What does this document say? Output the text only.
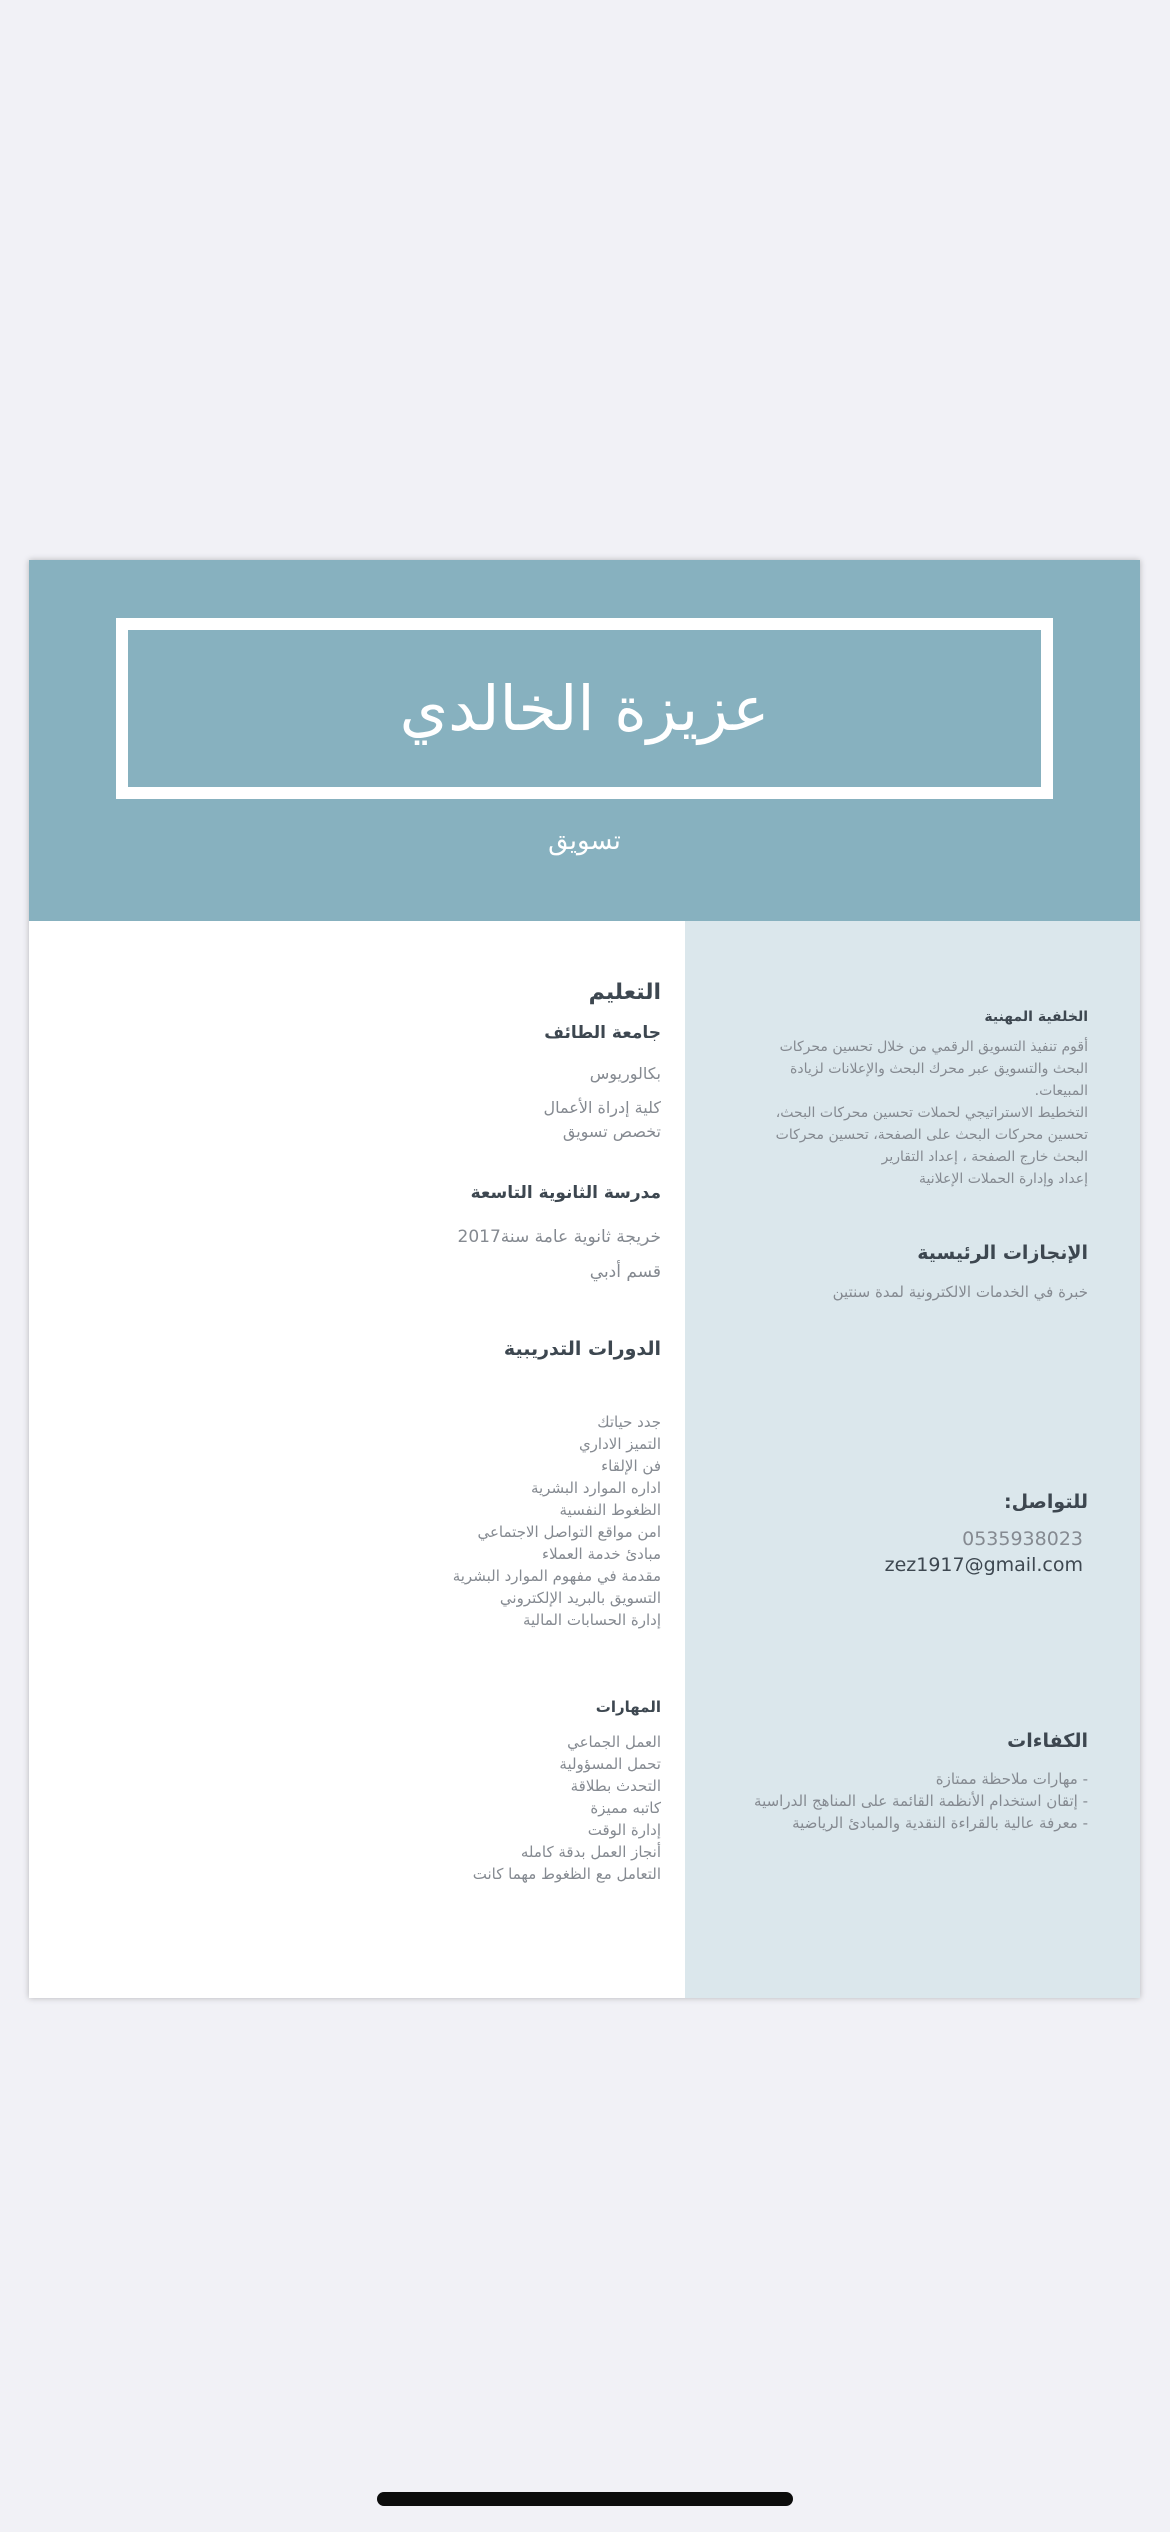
عزيزة الخالدي
تسويق
التعليم
جامعة الطائف
بكالوريوس
كلية إدراة الأعمال
تخصص تسويق
مدرسة الثانوية التاسعة
خريجة ثانوية عامة سنة2017
قسم أدبي
الدورات التدريبية
جدد حياتك
التميز الاداري
فن الإلقاء
اداره الموارد البشرية
الظغوط النفسية
امن مواقع التواصل الاجتماعي
مبادئ خدمة العملاء
مقدمة في مفهوم الموارد البشرية
التسويق بالبريد الإلكتروني
إدارة الحسابات المالية
المهارات
العمل الجماعي
تحمل المسؤولية
التحدث بطلاقة
كاتبه مميزة
إدارة الوقت
أنجاز العمل بدقة كامله
التعامل مع الظغوط مهما كانت
الخلفية المهنية
أقوم تنفيذ التسويق الرقمي من خلال تحسين محركات
البحث والتسويق عبر محرك البحث والإعلانات لزيادة
المبيعات.
التخطيط الاستراتيجي لحملات تحسين محركات البحث،
تحسين محركات البحث على الصفحة، تحسين محركات
البحث خارج الصفحة ، إعداد التقارير
إعداد وإدارة الحملات الإعلانية
الإنجازات الرئيسية
خبرة في الخدمات الالكترونية لمدة سنتين
للتواصل:
0535938023
zez1917@gmail.com
الكفاءات
- مهارات ملاحظة ممتازة
- إتقان استخدام الأنظمة القائمة على المناهج الدراسية
- معرفة عالية بالقراءة النقدية والمبادئ الرياضية
